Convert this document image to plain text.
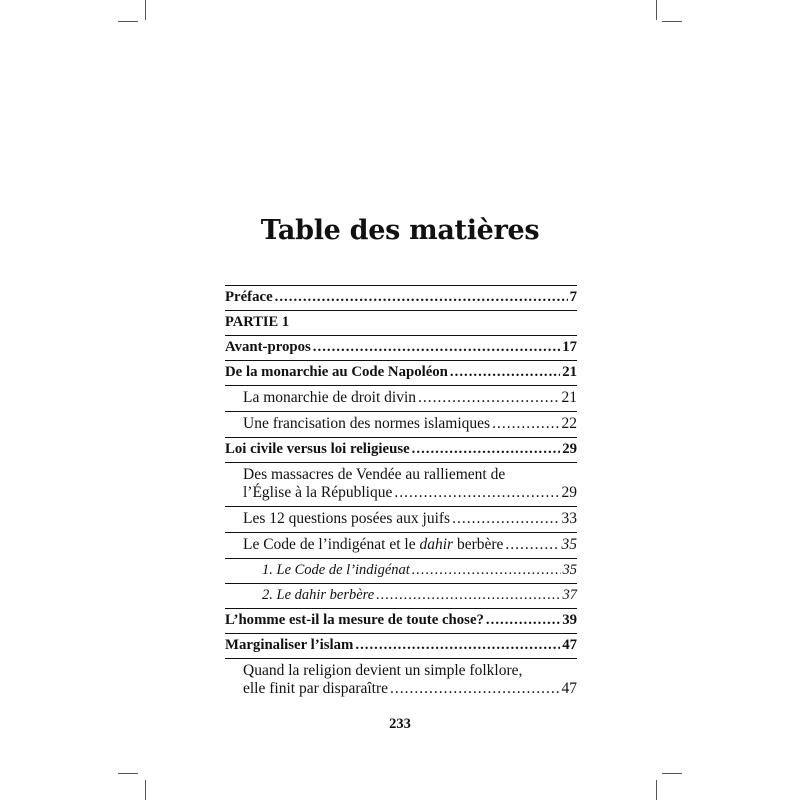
Table des matières
Préface .....	7
PARTIE 1
Avant-propos .....	17
De la monarchie au Code Napoléon .....	21
La monarchie de droit divin .....	21
Une francisation des normes islamiques .....	22
Loi civile versus loi religieuse .....	29
Des massacres de Vendée au ralliement de
l’Église à la République .....	29
Les 12 questions posées aux juifs .....	33
Le Code de l’indigénat et le dahir berbère .....	35
1. Le Code de l’indigénat .....	35
2. Le dahir berbère .....	37
L’homme est-il la mesure de toute chose? .....	39
Marginaliser l’islam .....	47
Quand la religion devient un simple folklore,
elle finit par disparaître .....	47
233
